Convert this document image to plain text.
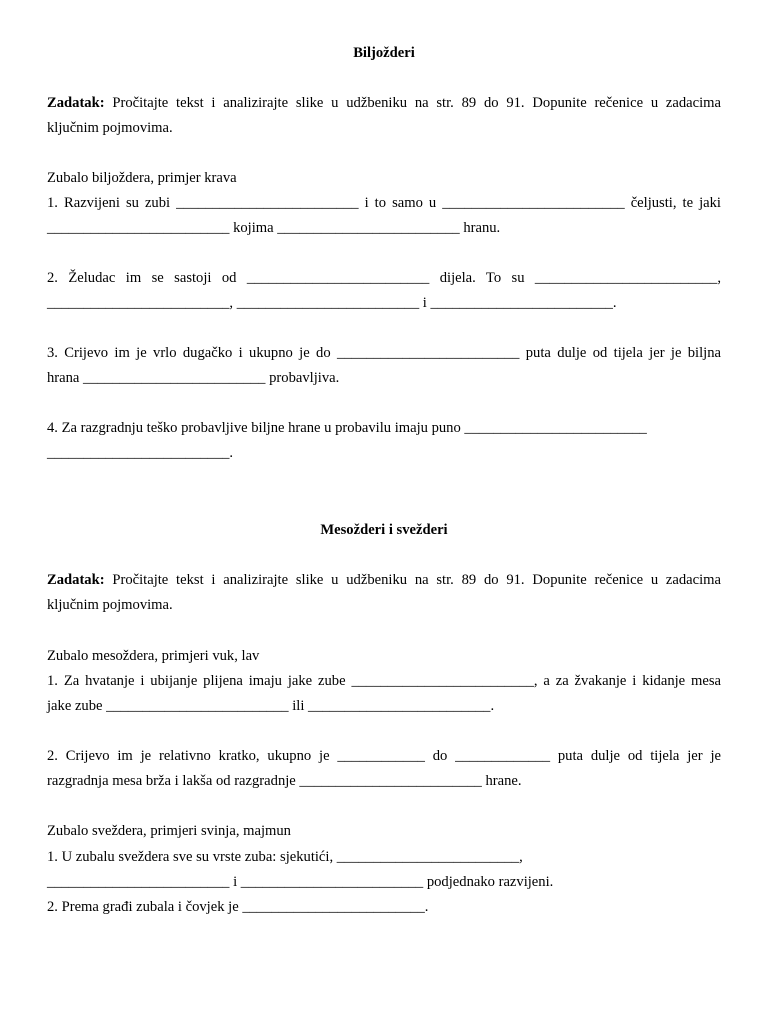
Biljožderi
Zadatak: Pročitajte tekst i analizirajte slike u udžbeniku na str. 89 do 91. Dopunite rečenice u zadacima
ključnim pojmovima.
Zubalo biljoždera, primjer krava
1. Razvijeni su zubi _________________________ i to samo u _________________________ čeljusti, te jaki
_________________________ kojima _________________________ hranu.
2. Želudac im se sastoji od _________________________ dijela. To su _________________________,
_________________________, _________________________ i _________________________.
3. Crijevo im je vrlo dugačko i ukupno je do _________________________ puta dulje od tijela jer je biljna
hrana _________________________ probavljiva.
4. Za razgradnju teško probavljive biljne hrane u probavilu imaju puno _________________________
_________________________.
Mesožderi i svežderi
Zadatak: Pročitajte tekst i analizirajte slike u udžbeniku na str. 89 do 91. Dopunite rečenice u zadacima
ključnim pojmovima.
Zubalo mesoždera, primjeri vuk, lav
1. Za hvatanje i ubijanje plijena imaju jake zube _________________________, a za žvakanje i kidanje mesa
jake zube _________________________ ili _________________________.
2. Crijevo im je relativno kratko, ukupno je ____________ do _____________ puta dulje od tijela jer je
razgradnja mesa brža i lakša od razgradnje _________________________ hrane.
Zubalo svеždera, primjeri svinja, majmun
1. U zubalu svеždera sve su vrste zuba: sjekutići, _________________________,
_________________________ i _________________________ podjednako razvijeni.
2. Prema građi zubala i čovjek je _________________________.
